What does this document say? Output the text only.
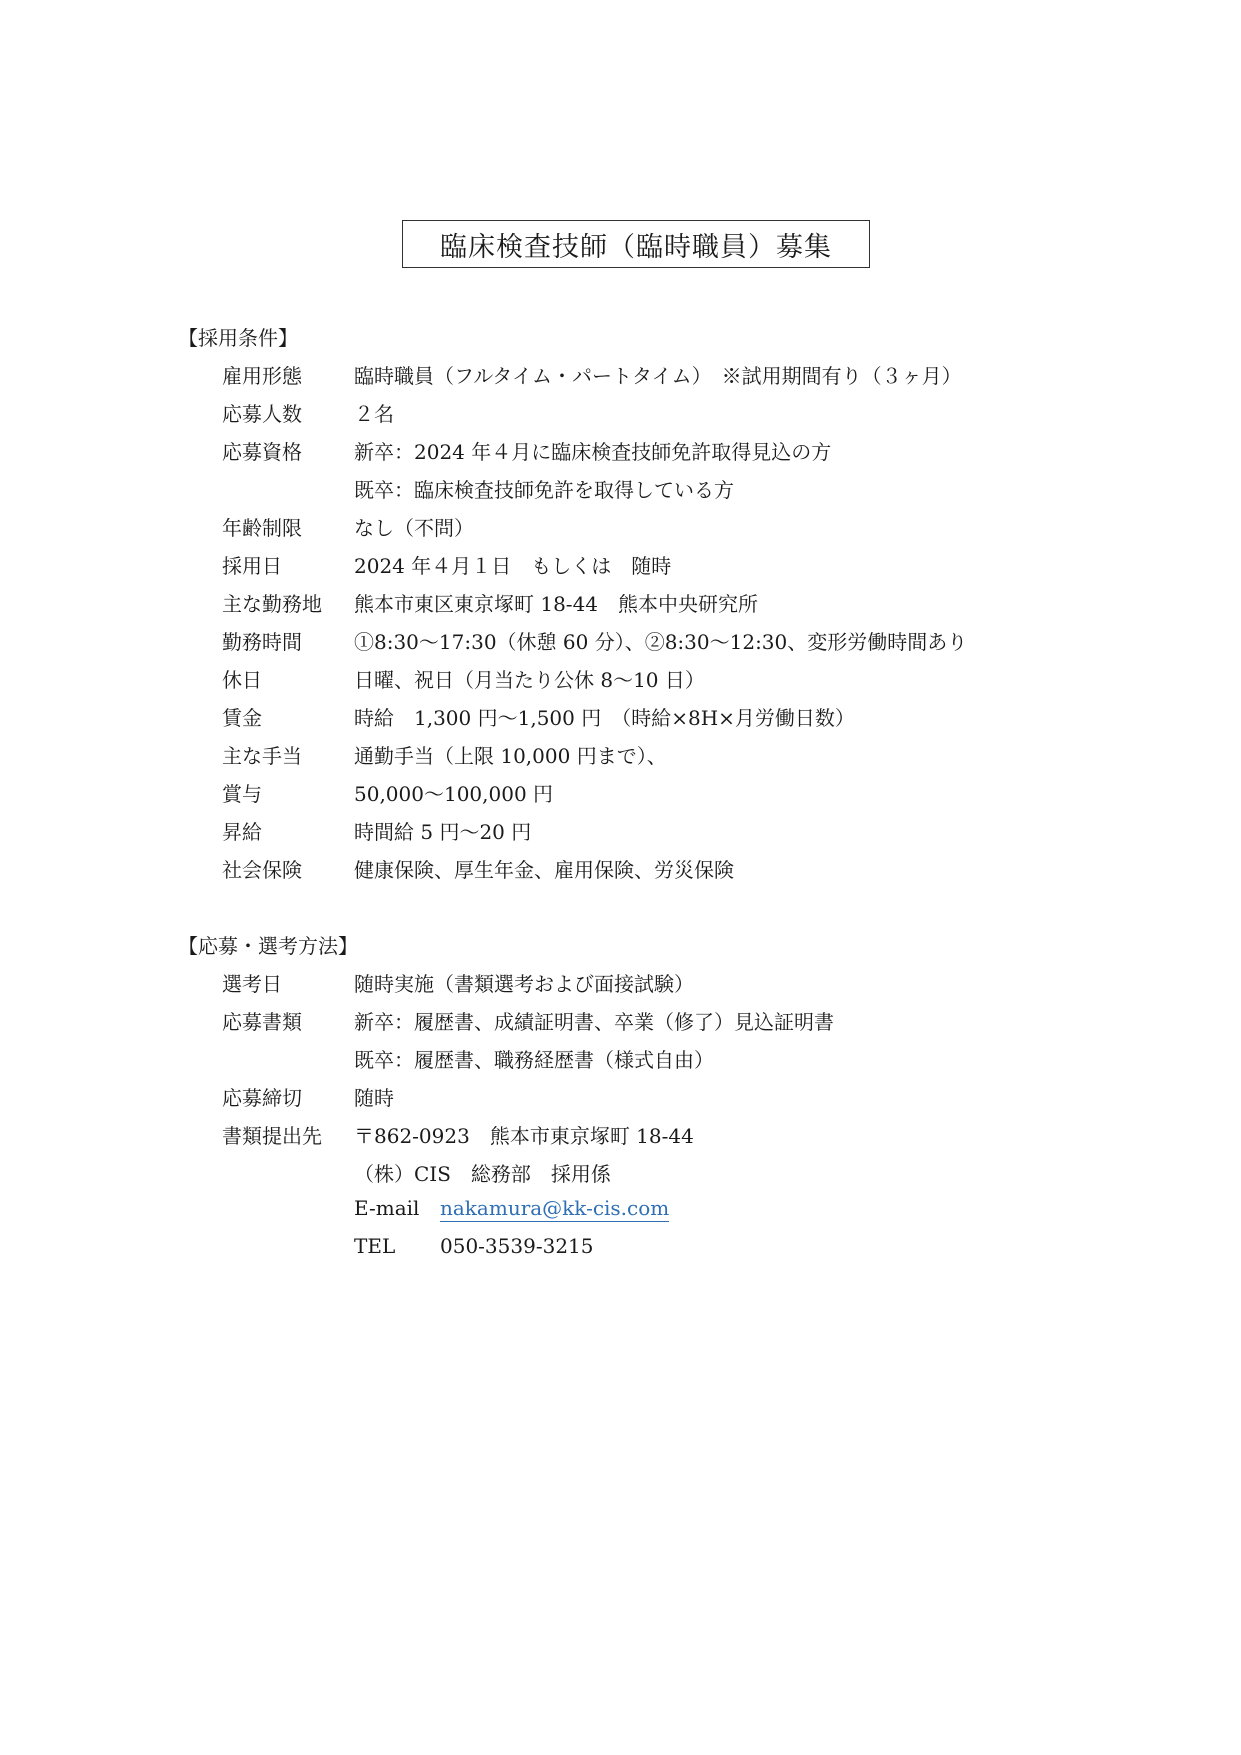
臨床検査技師（臨時職員）募集
【採用条件】
雇用形態	臨時職員（フルタイム・パートタイム）　※試用期間有り（３ヶ月）
応募人数	２名
応募資格	新卒：2024 年４月に臨床検査技師免許取得見込の方
既卒：臨床検査技師免許を取得している方
年齢制限	なし（不問）
採用日	2024 年４月１日　もしくは　随時
主な勤務地 熊本市東区東京塚町 18-44　熊本中央研究所
勤務時間	①8:30～17:30（休憩 60 分）、②8:30～12:30、変形労働時間あり
休日	日曜、祝日（月当たり公休 8～10 日）
賃金	時給　1,300 円～1,500 円　（時給×8H×月労働日数）
主な手当	通勤手当（上限 10,000 円まで）、
賞与	50,000～100,000 円
昇給	時間給 5 円～20 円
社会保険	健康保険、厚生年金、雇用保険、労災保険
【応募・選考方法】
選考日	随時実施（書類選考および面接試験）
応募書類	新卒：履歴書、成績証明書、卒業（修了）見込証明書
既卒：履歴書、職務経歴書（様式自由）
応募締切	随時
書類提出先 〒862-0923　熊本市東京塚町 18-44
（株）CIS　総務部　採用係
E-mail nakamura@kk-cis.com
TEL 050-3539-3215
